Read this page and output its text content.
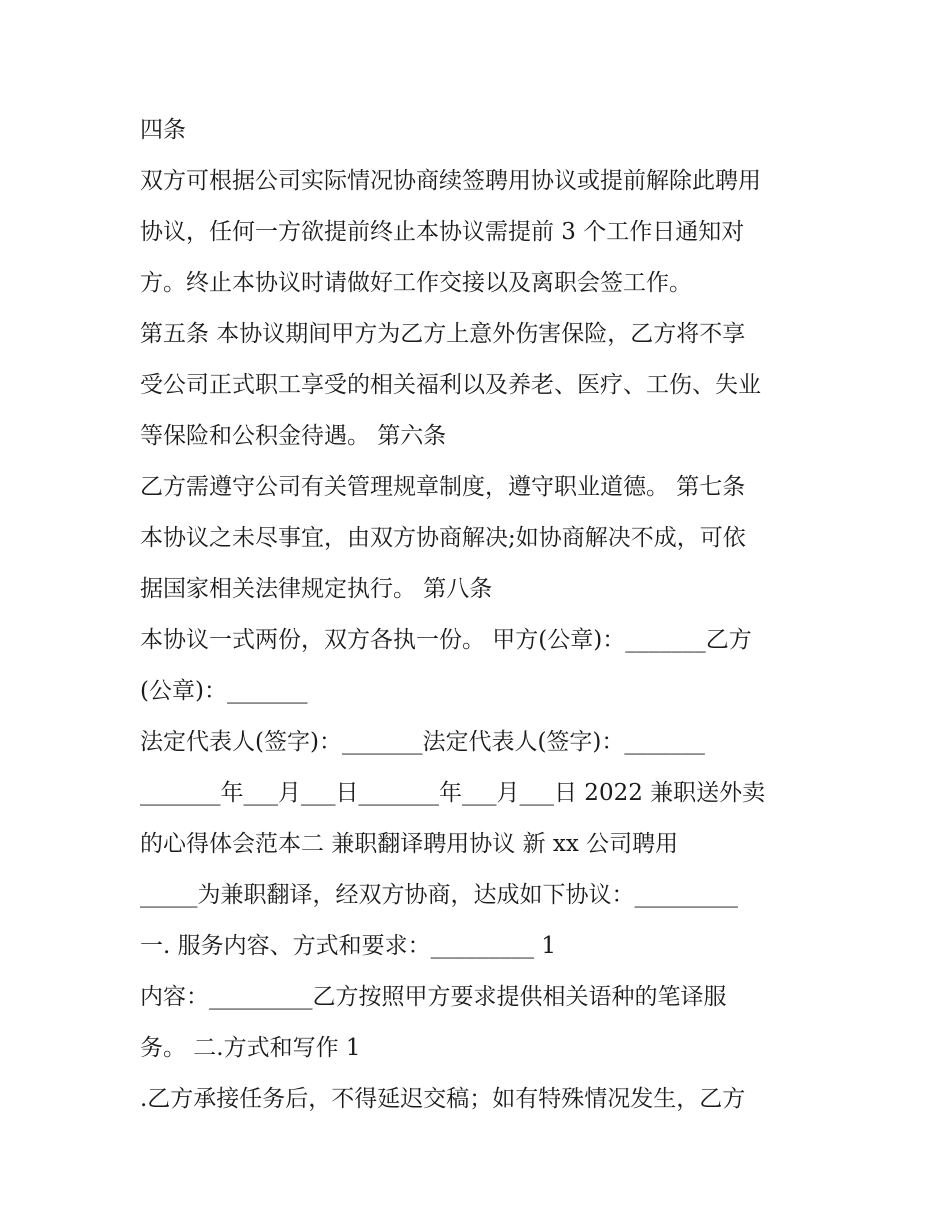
四条
双方可根据公司实际情况协商续签聘用协议或提前解除此聘用
协议，任何一方欲提前终止本协议需提前 3 个工作日通知对
方。终止本协议时请做好工作交接以及离职会签工作。
第五条 本协议期间甲方为乙方上意外伤害保险，乙方将不享
受公司正式职工享受的相关福利以及养老、医疗、工伤、失业
等保险和公积金待遇。 第六条
乙方需遵守公司有关管理规章制度，遵守职业道德。 第七条
本协议之未尽事宜，由双方协商解决;如协商解决不成，可依
据国家相关法律规定执行。 第八条
本协议一式两份，双方各执一份。 甲方(公章)：_______乙方
(公章)：_______
法定代表人(签字)：_______法定代表人(签字)：_______
_______年___月___日_______年___月___日 2022 兼职送外卖
的心得体会范本二 兼职翻译聘用协议 新 xx 公司聘用
_____为兼职翻译，经双方协商，达成如下协议：_________
一. 服务内容、方式和要求：_________ 1
内容：_________乙方按照甲方要求提供相关语种的笔译服
务。 二.方式和写作 1
.乙方承接任务后，不得延迟交稿；如有特殊情况发生，乙方
